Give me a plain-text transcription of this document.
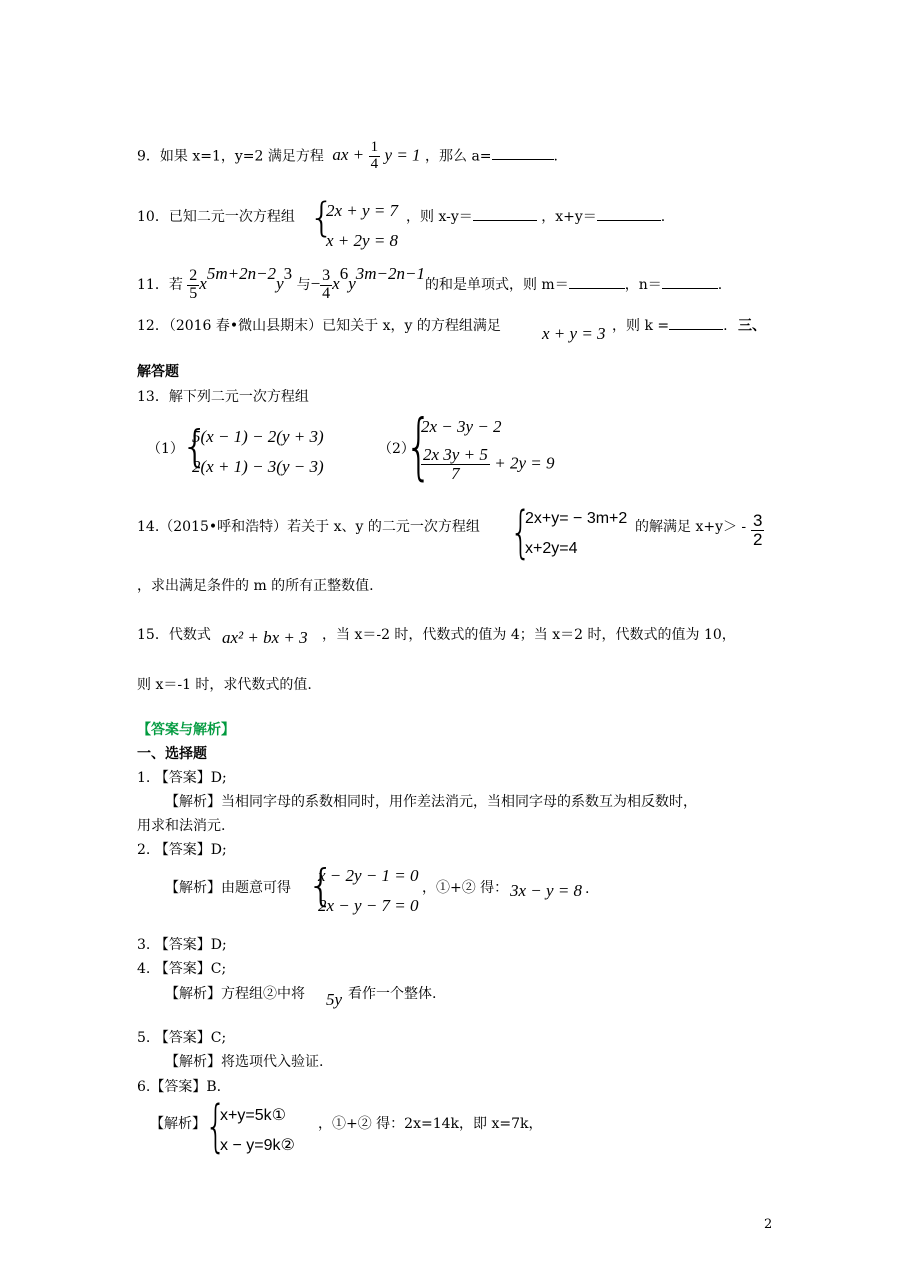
9．如果 x=1，y=2 满足方程 ax + $\frac{1}{4}$ y = 1 ，那么 a=	.
10．已知二元一次方程组 {
2x + y = 7
x + 2y = 8
，则 x-y＝	，x+y＝	.
11．若 $\frac{2}{5} x^{5m+2n-2}y^3$ 与− $\frac{3}{4} x^6y^{3m-2n-1}$的和是单项式，则 m＝	，n＝	.
12．（2016 春•微山县期末）已知关于 x，y 的方程组满足 x + y = 3 ，则 k =	. 三、
解答题
13．解下列二元一次方程组
（1）
{
5(x − 1) − 2(y + 3)
2(x + 1) − 3(y − 3)
（2）
{
2x − 3y − 2
$\frac{2x 3y + 5}{7} + 2y = 9$
14.（2015•呼和浩特）若关于 x、y 的二元一次方程组 {
2x+y= − 3m+2
x+2y=4
的解满足 $x+y> - \frac{3}{2}$
，求出满足条件的 m 的所有正整数值.
15．代数式 ax² + bx + 3 ，当 x＝-2 时，代数式的值为 4；当 x＝2 时，代数式的值为 10，
则 x＝-1 时，求代数式的值.
【答案与解析】
一、选择题
1. 【答案】D;
【解析】当相同字母的系数相同时，用作差法消元，当相同字母的系数互为相反数时，
用求和法消元.
2. 【答案】D;
【解析】由题意可得 {
x − 2y − 1 = 0
2x − y − 7 = 0
，①+② 得： 3x − y = 8 .
3. 【答案】D;
4. 【答案】C;
【解析】方程组②中将 5y 看作一个整体.
5. 【答案】C;
【解析】将选项代入验证.
6.【答案】B.
【解析】 {
x+y=5k①
x − y=9k②
，①+② 得：2x=14k，即 x=7k，
2
